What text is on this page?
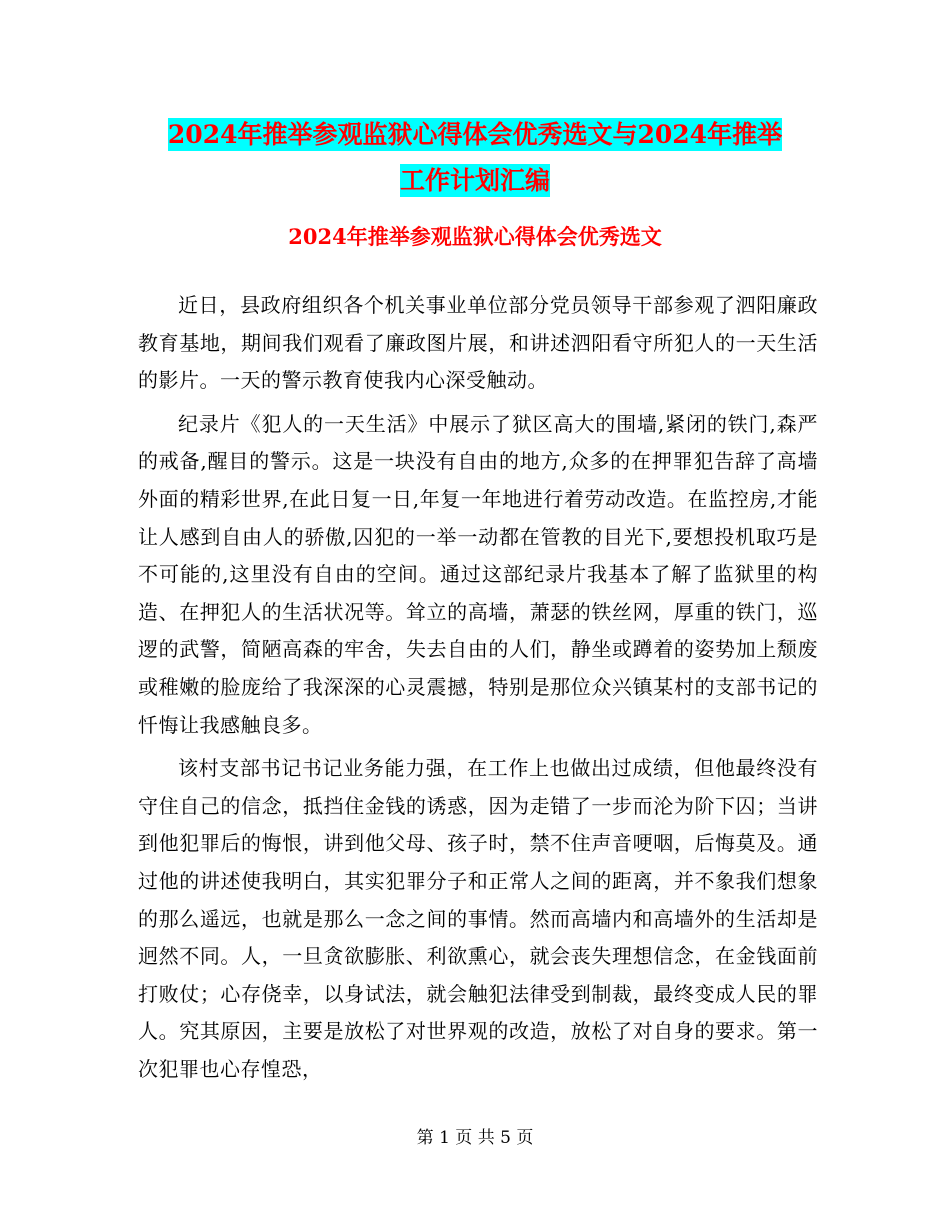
2024年推举参观监狱心得体会优秀选文与2024年推举
工作计划汇编
2024年推举参观监狱心得体会优秀选文

近日，县政府组织各个机关事业单位部分党员领导干部参观了泗阳廉政教育基地，期间我们观看了廉政图片展，和讲述泗阳看守所犯人的一天生活的影片。一天的警示教育使我内心深受触动。

纪录片《犯人的一天生活》中展示了狱区高大的围墙,紧闭的铁门,森严的戒备,醒目的警示。这是一块没有自由的地方,众多的在押罪犯告辞了高墙外面的精彩世界,在此日复一日,年复一年地进行着劳动改造。在监控房,才能让人感到自由人的骄傲,囚犯的一举一动都在管教的目光下,要想投机取巧是不可能的,这里没有自由的空间。通过这部纪录片我基本了解了监狱里的构造、在押犯人的生活状况等。耸立的高墙，萧瑟的铁丝网，厚重的铁门，巡逻的武警，简陋高森的牢舍，失去自由的人们，静坐或蹲着的姿势加上颓废或稚嫩的脸庞给了我深深的心灵震撼，特别是那位众兴镇某村的支部书记的忏悔让我感触良多。

该村支部书记书记业务能力强，在工作上也做出过成绩，但他最终没有守住自己的信念，抵挡住金钱的诱惑，因为走错了一步而沦为阶下囚；当讲到他犯罪后的悔恨，讲到他父母、孩子时，禁不住声音哽咽，后悔莫及。通过他的讲述使我明白，其实犯罪分子和正常人之间的距离，并不象我们想象的那么遥远，也就是那么一念之间的事情。然而高墙内和高墙外的生活却是迥然不同。人，一旦贪欲膨胀、利欲熏心，就会丧失理想信念，在金钱面前打败仗；心存侥幸，以身试法，就会触犯法律受到制裁，最终变成人民的罪人。究其原因，主要是放松了对世界观的改造，放松了对自身的要求。第一次犯罪也心存惶恐，

第 1 页 共 5 页
